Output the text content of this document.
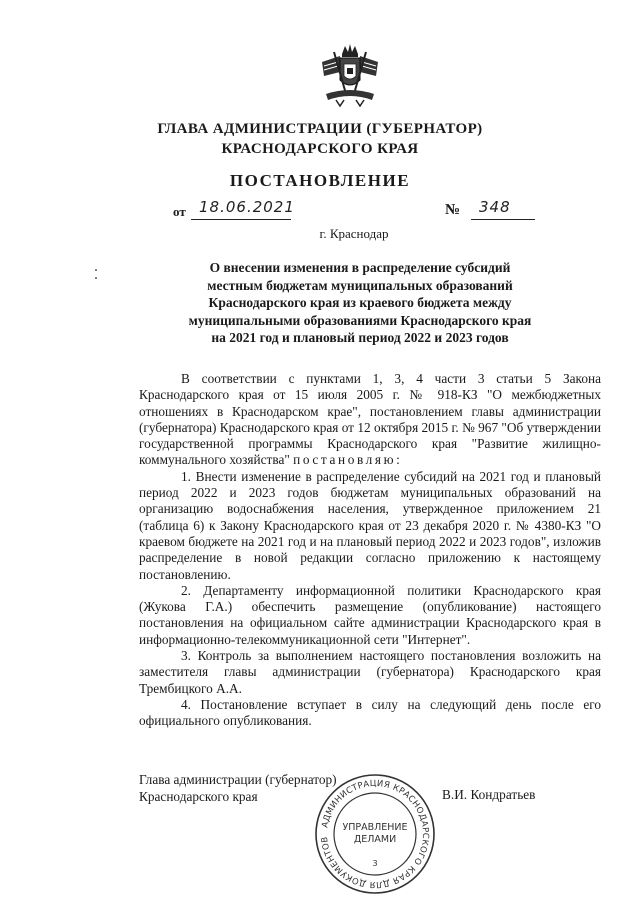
ГЛАВА АДМИНИСТРАЦИИ (ГУБЕРНАТОР)
КРАСНОДАРСКОГО КРАЯ
ПОСТАНОВЛЕНИЕ
от 18.06.2021	№ 348
г. Краснодар
О внесении изменения в распределение субсидий
местным бюджетам муниципальных образований
Краснодарского края из краевого бюджета между
муниципальными образованиями Краснодарского края
на 2021 год и плановый период 2022 и 2023 годов

В соответствии с пунктами 1, 3, 4 части 3 статьи 5 Закона Краснодарского края от 15 июля 2005 г. № 918-КЗ "О межбюджетных отношениях в Краснодарском крае", постановлением главы администрации (губернатора) Краснодарского края от 12 октября 2015 г. № 967 "Об утверждении государственной программы Краснодарского края "Развитие жилищно-коммунального хозяйства" постановляю:

1. Внести изменение в распределение субсидий на 2021 год и плановый период 2022 и 2023 годов бюджетам муниципальных образований на организацию водоснабжения населения, утвержденное приложением 21 (таблица 6) к Закону Краснодарского края от 23 декабря 2020 г. № 4380-КЗ "О краевом бюджете на 2021 год и на плановый период 2022 и 2023 годов", изложив распределение в новой редакции согласно приложению к настоящему постановлению.

2. Департаменту информационной политики Краснодарского края (Жукова Г.А.) обеспечить размещение (опубликование) настоящего постановления на официальном сайте администрации Краснодарского края в информационно-телекоммуникационной сети "Интернет".

3. Контроль за выполнением настоящего постановления возложить на заместителя главы администрации (губернатора) Краснодарского края Трембицкого А.А.

4. Постановление вступает в силу на следующий день после его официального опубликования.

Глава администрации (губернатор)
Краснодарского края	В.И. Кондратьев
АДМИНИСТРАЦИЯ КРАСНОДАРСКОГО КРАЯ ДЛЯ ДОКУМЕНТОВ
УПРАВЛЕНИЕ
ДЕЛАМИ
3
